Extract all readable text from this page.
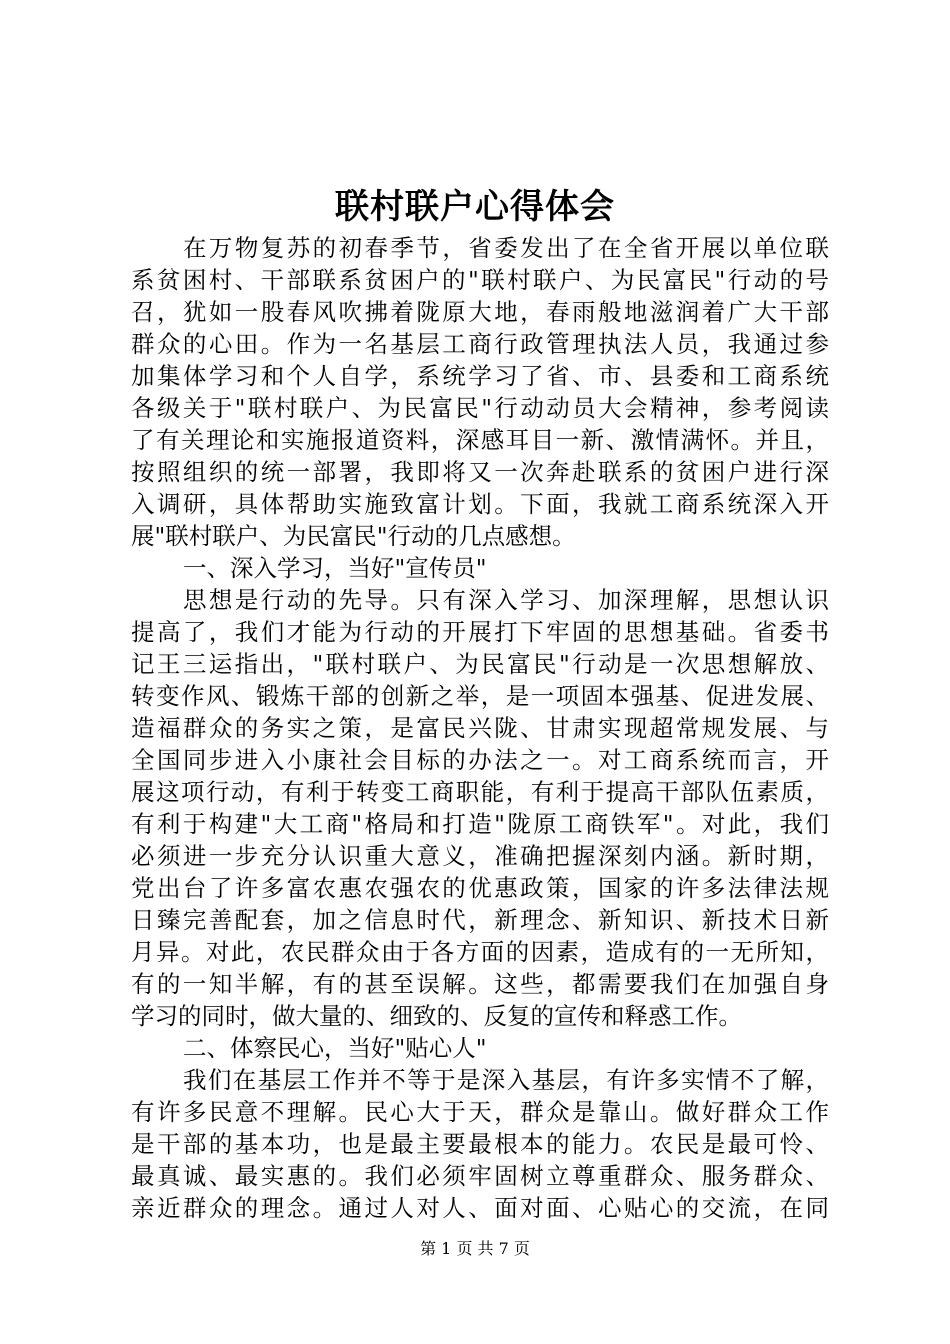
联村联户心得体会
在万物复苏的初春季节，省委发出了在全省开展以单位联
系贫困村、干部联系贫困户的"联村联户、为民富民"行动的号
召，犹如一股春风吹拂着陇原大地，春雨般地滋润着广大干部
群众的心田。作为一名基层工商行政管理执法人员，我通过参
加集体学习和个人自学，系统学习了省、市、县委和工商系统
各级关于"联村联户、为民富民"行动动员大会精神，参考阅读
了有关理论和实施报道资料，深感耳目一新、激情满怀。并且，
按照组织的统一部署，我即将又一次奔赴联系的贫困户进行深
入调研，具体帮助实施致富计划。下面，我就工商系统深入开
展"联村联户、为民富民"行动的几点感想。
一、深入学习，当好"宣传员"
思想是行动的先导。只有深入学习、加深理解，思想认识
提高了，我们才能为行动的开展打下牢固的思想基础。省委书
记王三运指出，"联村联户、为民富民"行动是一次思想解放、
转变作风、锻炼干部的创新之举，是一项固本强基、促进发展、
造福群众的务实之策，是富民兴陇、甘肃实现超常规发展、与
全国同步进入小康社会目标的办法之一。对工商系统而言，开
展这项行动，有利于转变工商职能，有利于提高干部队伍素质，
有利于构建"大工商"格局和打造"陇原工商铁军"。对此，我们
必须进一步充分认识重大意义，准确把握深刻内涵。新时期，
党出台了许多富农惠农强农的优惠政策，国家的许多法律法规
日臻完善配套，加之信息时代，新理念、新知识、新技术日新
月异。对此，农民群众由于各方面的因素，造成有的一无所知，
有的一知半解，有的甚至误解。这些，都需要我们在加强自身
学习的同时，做大量的、细致的、反复的宣传和释惑工作。
二、体察民心，当好"贴心人"
我们在基层工作并不等于是深入基层，有许多实情不了解，
有许多民意不理解。民心大于天，群众是靠山。做好群众工作
是干部的基本功，也是最主要最根本的能力。农民是最可怜、
最真诚、最实惠的。我们必须牢固树立尊重群众、服务群众、
亲近群众的理念。通过人对人、面对面、心贴心的交流，在同
第 1 页 共 7 页
